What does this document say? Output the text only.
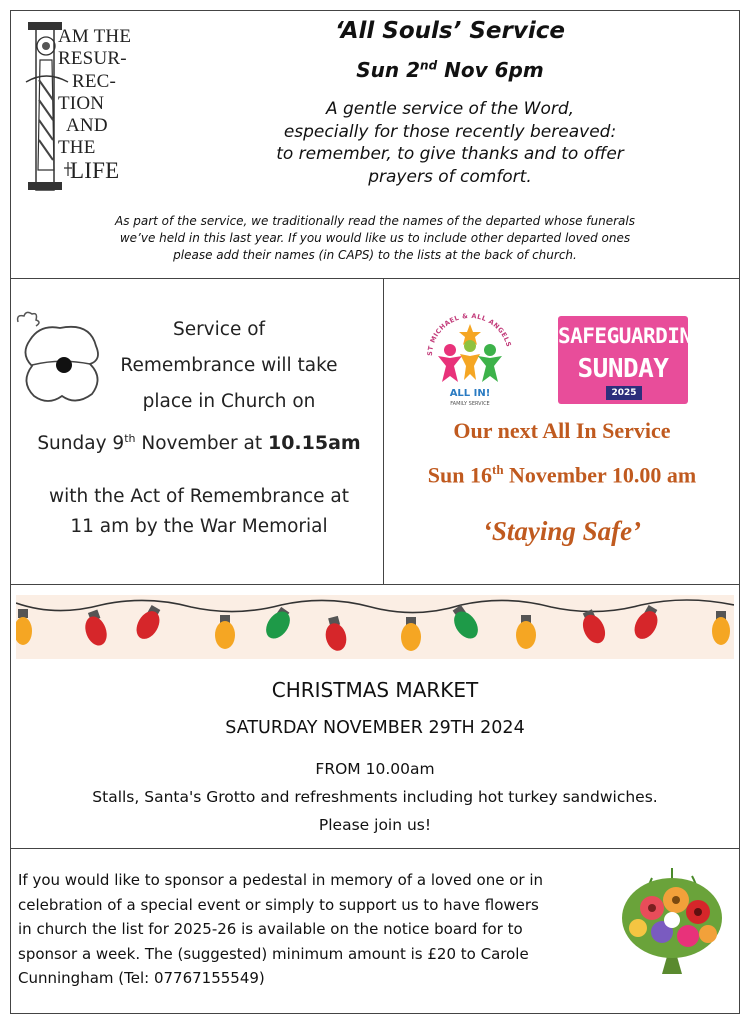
AM THE
RESUR-
REC-
TION
AND
THE
LIFE
‘All Souls’ Service
Sun 2nd Nov 6pm
A gentle service of the Word,
especially for those recently bereaved:
to remember, to give thanks and to offer
prayers of comfort.
As part of the service, we traditionally read the names of the departed whose funerals
we’ve held in this last year. If you would like us to include other departed loved ones
please add their names (in CAPS) to the lists at the back of church.
Service of
Remembrance will take
place in Church on
Sunday 9th November at 10.15am
with the Act of Remembrance at
11 am by the War Memorial
ST MICHAEL & ALL ANGELS
ALL IN!
FAMILY SERVICE
SAFEGUARDING
SUNDAY
2025
Our next All In Service
Sun 16th November 10.00 am
‘Staying Safe’
CHRISTMAS MARKET
SATURDAY NOVEMBER 29TH 2024
FROM 10.00am
Stalls, Santa's Grotto and refreshments including hot turkey sandwiches.
Please join us!
If you would like to sponsor a pedestal in memory of a loved one or in
celebration of a special event or simply to support us to have flowers
in church the list for 2025-26 is available on the notice board for to
sponsor a week. The (suggested) minimum amount is £20 to Carole
Cunningham (Tel: 07767155549)
